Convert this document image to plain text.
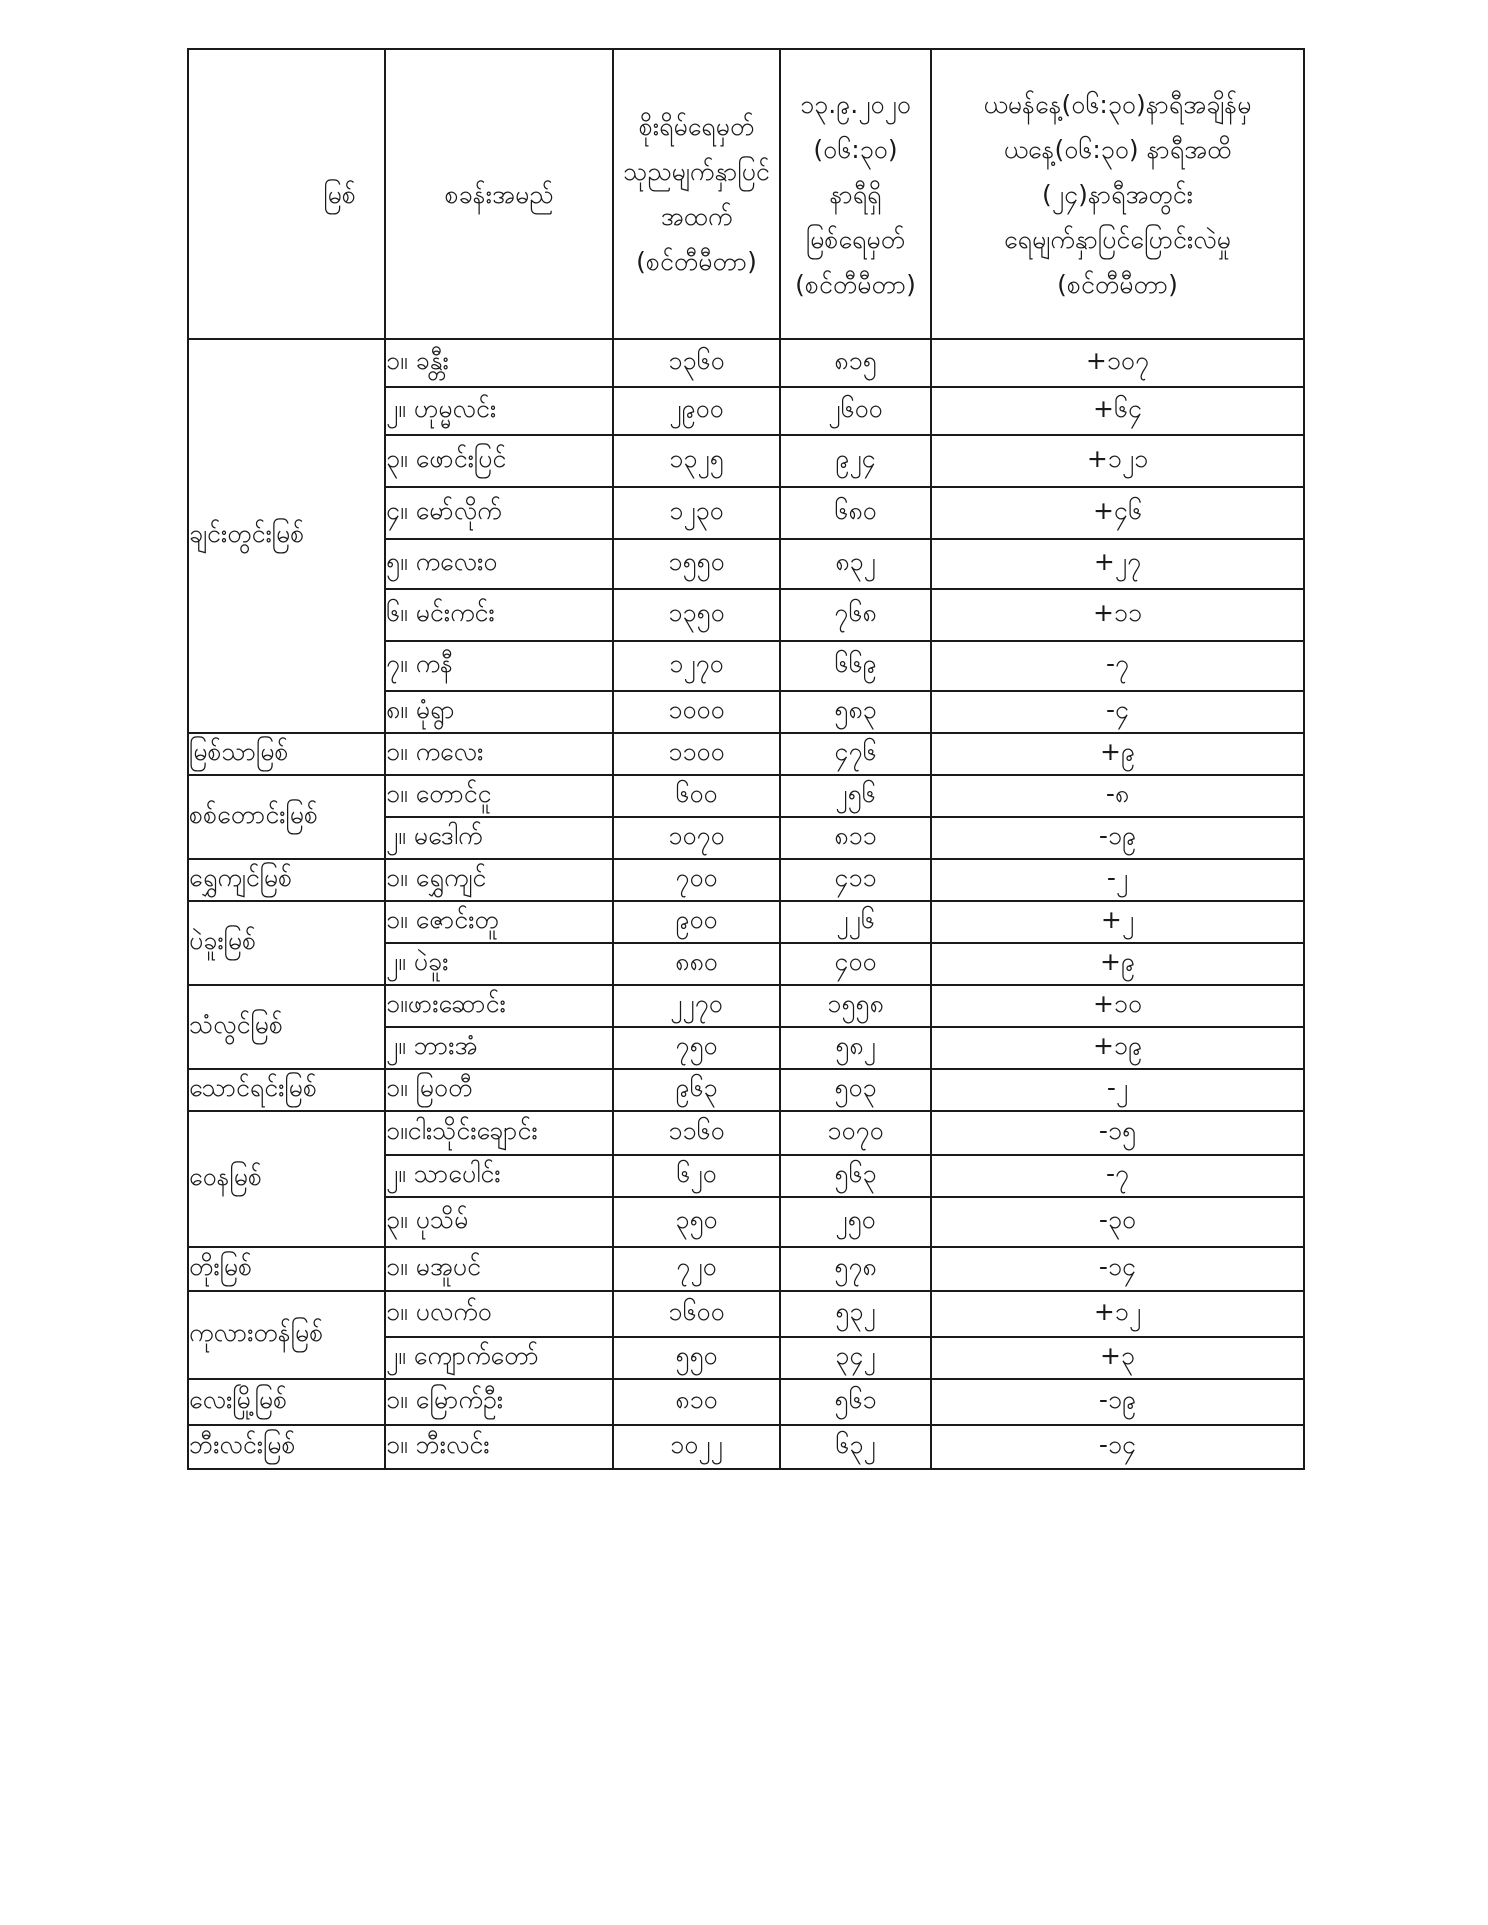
မြစ်	စခန်းအမည်	စိုးရိမ်ရေမှတ်
သုညမျက်နှာပြင်
အထက်
(စင်တီမီတာ)	၁၃.၉.၂၀၂၀
(၀၆:၃၀)
နာရီရှိ
မြစ်ရေမှတ်
(စင်တီမီတာ)	ယမန်နေ့(၀၆:၃၀)နာရီအချိန်မှ
ယနေ့(၀၆:၃၀) နာရီအထိ
(၂၄)နာရီအတွင်း
ရေမျက်နှာပြင်ပြောင်းလဲမှု
(စင်တီမီတာ)

ချင်းတွင်းမြစ်	၁။ ခန္တီး	၁၃၆၀	၈၁၅	+၁၀၇
	၂။ ဟုမ္မလင်း	၂၉၀၀	၂၆၀၀	+၆၄
	၃။ ဖောင်းပြင်	၁၃၂၅	၉၂၄	+၁၂၁
	၄။ မော်လိုက်	၁၂၃၀	၆၈၀	+၄၆
	၅။ ကလေးဝ	၁၅၅၀	၈၃၂	+၂၇
	၆။ မင်းကင်း	၁၃၅၀	၇၆၈	+၁၁
	၇။ ကနီ	၁၂၇၀	၆၆၉	-၇
	၈။ မုံရွာ	၁၀၀၀	၅၈၃	-၄
မြစ်သာမြစ်	၁။ ကလေး	၁၁၀၀	၄၇၆	+၉
စစ်တောင်းမြစ်	၁။ တောင်ငူ	၆၀၀	၂၅၆	-၈
	၂။ မဒေါက်	၁၀၇၀	၈၁၁	-၁၉
ရွှေကျင်မြစ်	၁။ ရွှေကျင်	၇၀၀	၄၁၁	-၂
ပဲခူးမြစ်	၁။ ဇောင်းတူ	၉၀၀	၂၂၆	+၂
	၂။ ပဲခူး	၈၈၀	၄၀၀	+၉
သံလွင်မြစ်	၁။ဖားဆောင်း	၂၂၇၀	၁၅၅၈	+၁၀
	၂။ ဘားအံ	၇၅၀	၅၈၂	+၁၉
သောင်ရင်းမြစ်	၁။ မြဝတီ	၉၆၃	၅၀၃	-၂
ဝေနမြစ်	၁။ငါးသိုင်းချောင်း	၁၁၆၀	၁၀၇၀	-၁၅
	၂။ သာပေါင်း	၆၂၀	၅၆၃	-၇
	၃။ ပုသိမ်	၃၅၀	၂၅၀	-၃၀
တိုးမြစ်	၁။ မအူပင်	၇၂၀	၅၇၈	-၁၄
ကုလားတန်မြစ်	၁။ ပလက်ဝ	၁၆၀၀	၅၃၂	+၁၂
	၂။ ကျောက်တော်	၅၅၀	၃၄၂	+၃
လေးမြို့မြစ်	၁။ မြောက်ဦး	၈၁၀	၅၆၁	-၁၉
ဘီးလင်းမြစ်	၁။ ဘီးလင်း	၁၀၂၂	၆၃၂	-၁၄
